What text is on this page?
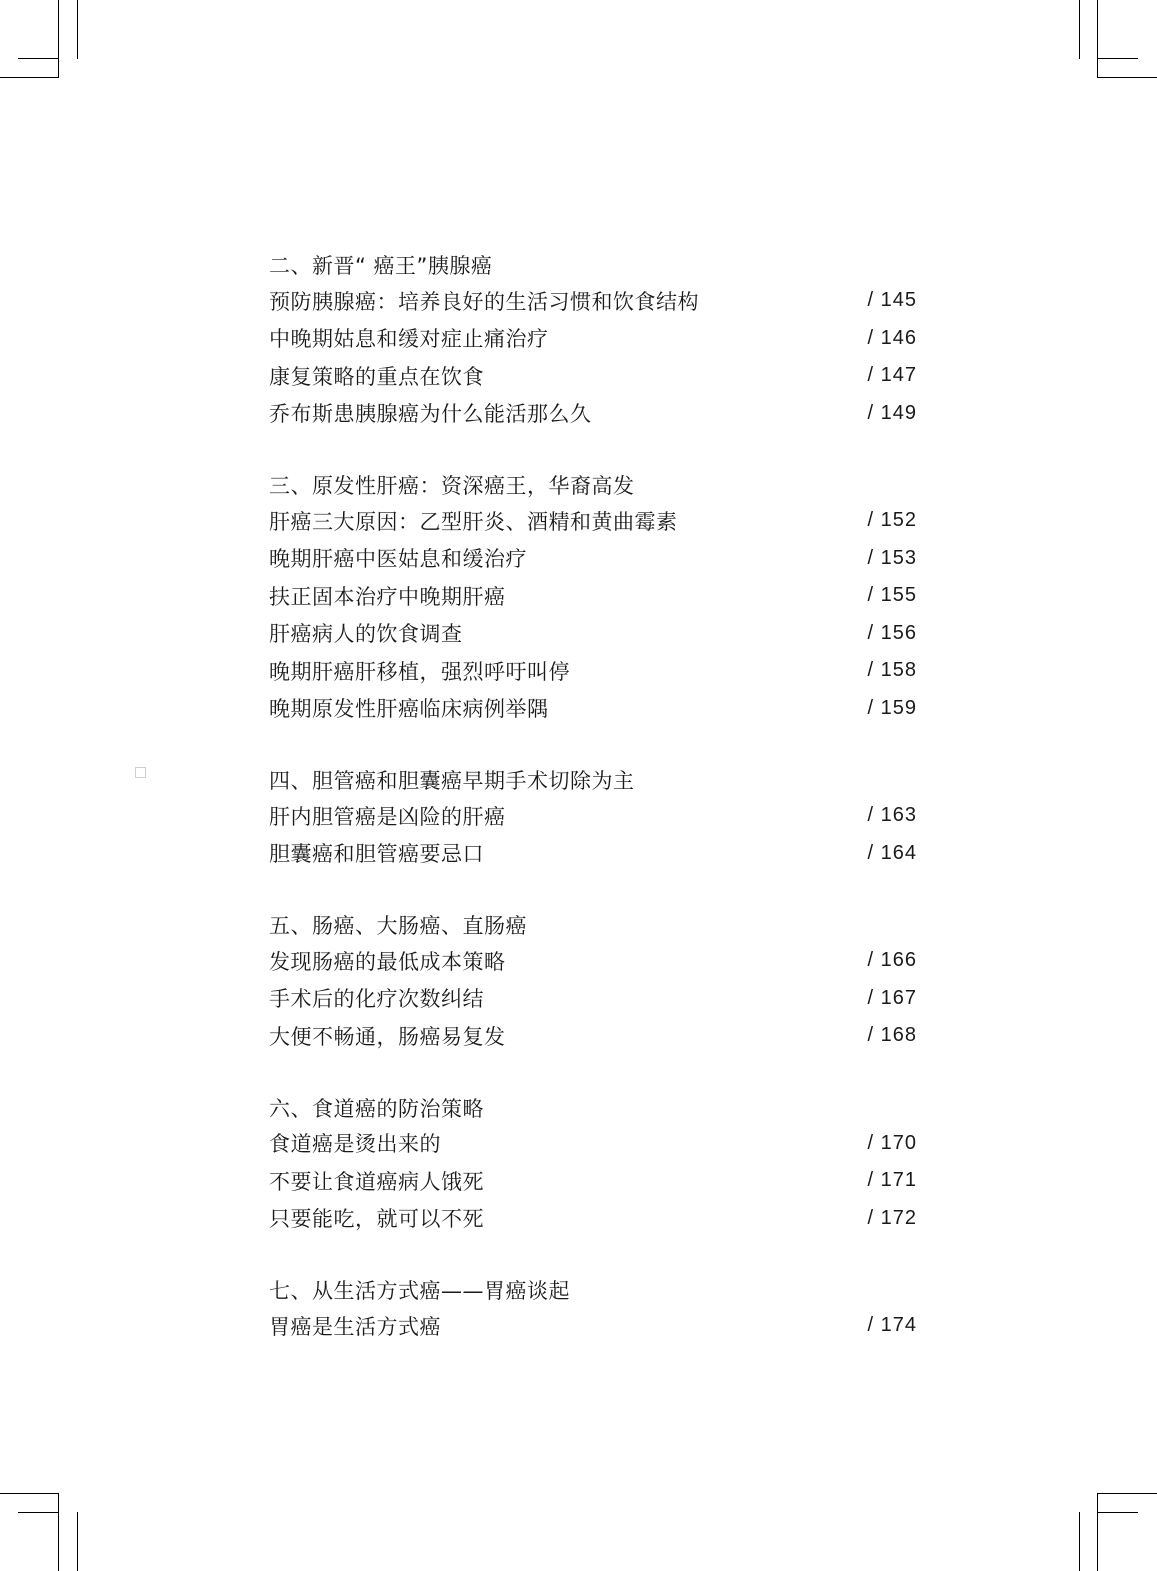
二、新晋“ 癌王”胰腺癌
预防胰腺癌：培养良好的生活习惯和饮食结构	/ 145
中晚期姑息和缓对症止痛治疗	/ 146
康复策略的重点在饮食	/ 147
乔布斯患胰腺癌为什么能活那么久	/ 149
三、原发性肝癌：资深癌王，华裔高发
肝癌三大原因：乙型肝炎、酒精和黄曲霉素	/ 152
晚期肝癌中医姑息和缓治疗	/ 153
扶正固本治疗中晚期肝癌	/ 155
肝癌病人的饮食调查	/ 156
晚期肝癌肝移植，强烈呼吁叫停	/ 158
晚期原发性肝癌临床病例举隅	/ 159
四、胆管癌和胆囊癌早期手术切除为主
肝内胆管癌是凶险的肝癌	/ 163
胆囊癌和胆管癌要忌口	/ 164
五、肠癌、大肠癌、直肠癌
发现肠癌的最低成本策略	/ 166
手术后的化疗次数纠结	/ 167
大便不畅通，肠癌易复发	/ 168
六、食道癌的防治策略
食道癌是烫出来的	/ 170
不要让食道癌病人饿死	/ 171
只要能吃，就可以不死	/ 172
七、从生活方式癌——胃癌谈起
胃癌是生活方式癌	/ 174
